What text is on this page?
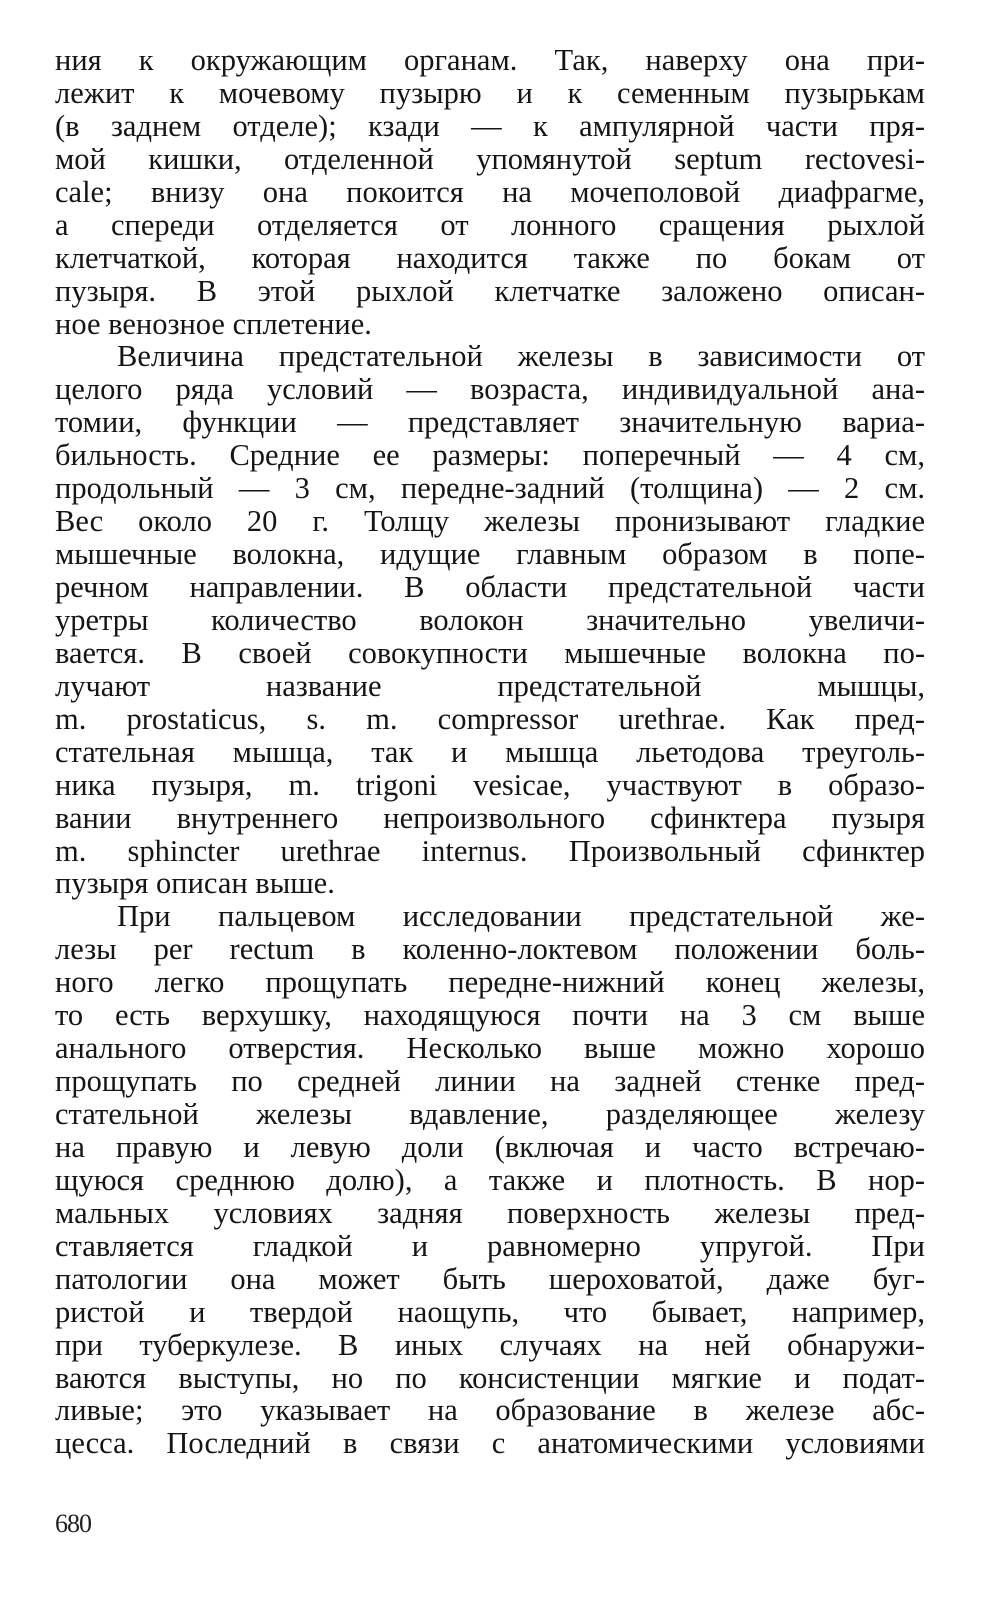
ния к окружающим органам. Так, наверху она при-
лежит к мочевому пузырю и к семенным пузырькам
(в заднем отделе); кзади — к ампулярной части пря-
мой кишки, отделенной упомянутой septum rectovesi-
cale; внизу она покоится на мочеполовой диафрагме,
а спереди отделяется от лонного сращения рыхлой
клетчаткой, которая находится также по бокам от
пузыря. В этой рыхлой клетчатке заложено описан-
ное венозное сплетение.
Величина предстательной железы в зависимости от
целого ряда условий — возраста, индивидуальной ана-
томии, функции — представляет значительную вариа-
бильность. Средние ее размеры: поперечный — 4 см,
продольный — 3 см, передне-задний (толщина) — 2 см.
Вес около 20 г. Толщу железы пронизывают гладкие
мышечные волокна, идущие главным образом в попе-
речном направлении. В области предстательной части
уретры количество волокон значительно увеличи-
вается. В своей совокупности мышечные волокна по-
лучают название предстательной мышцы,
m. prostaticus, s. m. compressor urethrae. Как пред-
стательная мышца, так и мышца льетодова треуголь-
ника пузыря, m. trigoni vesicae, участвуют в образо-
вании внутреннего непроизвольного сфинктера пузыря
m. sphincter urethrae internus. Произвольный сфинктер
пузыря описан выше.
При пальцевом исследовании предстательной же-
лезы per rectum в коленно-локтевом положении боль-
ного легко прощупать передне-нижний конец железы,
то есть верхушку, находящуюся почти на 3 см выше
анального отверстия. Несколько выше можно хорошо
прощупать по средней линии на задней стенке пред-
стательной железы вдавление, разделяющее железу
на правую и левую доли (включая и часто встречаю-
щуюся среднюю долю), а также и плотность. В нор-
мальных условиях задняя поверхность железы пред-
ставляется гладкой и равномерно упругой. При
патологии она может быть шероховатой, даже буг-
ристой и твердой наощупь, что бывает, например,
при туберкулезе. В иных случаях на ней обнаружи-
ваются выступы, но по консистенции мягкие и подат-
ливые; это указывает на образование в железе абс-
цесса. Последний в связи с анатомическими условиями
680
